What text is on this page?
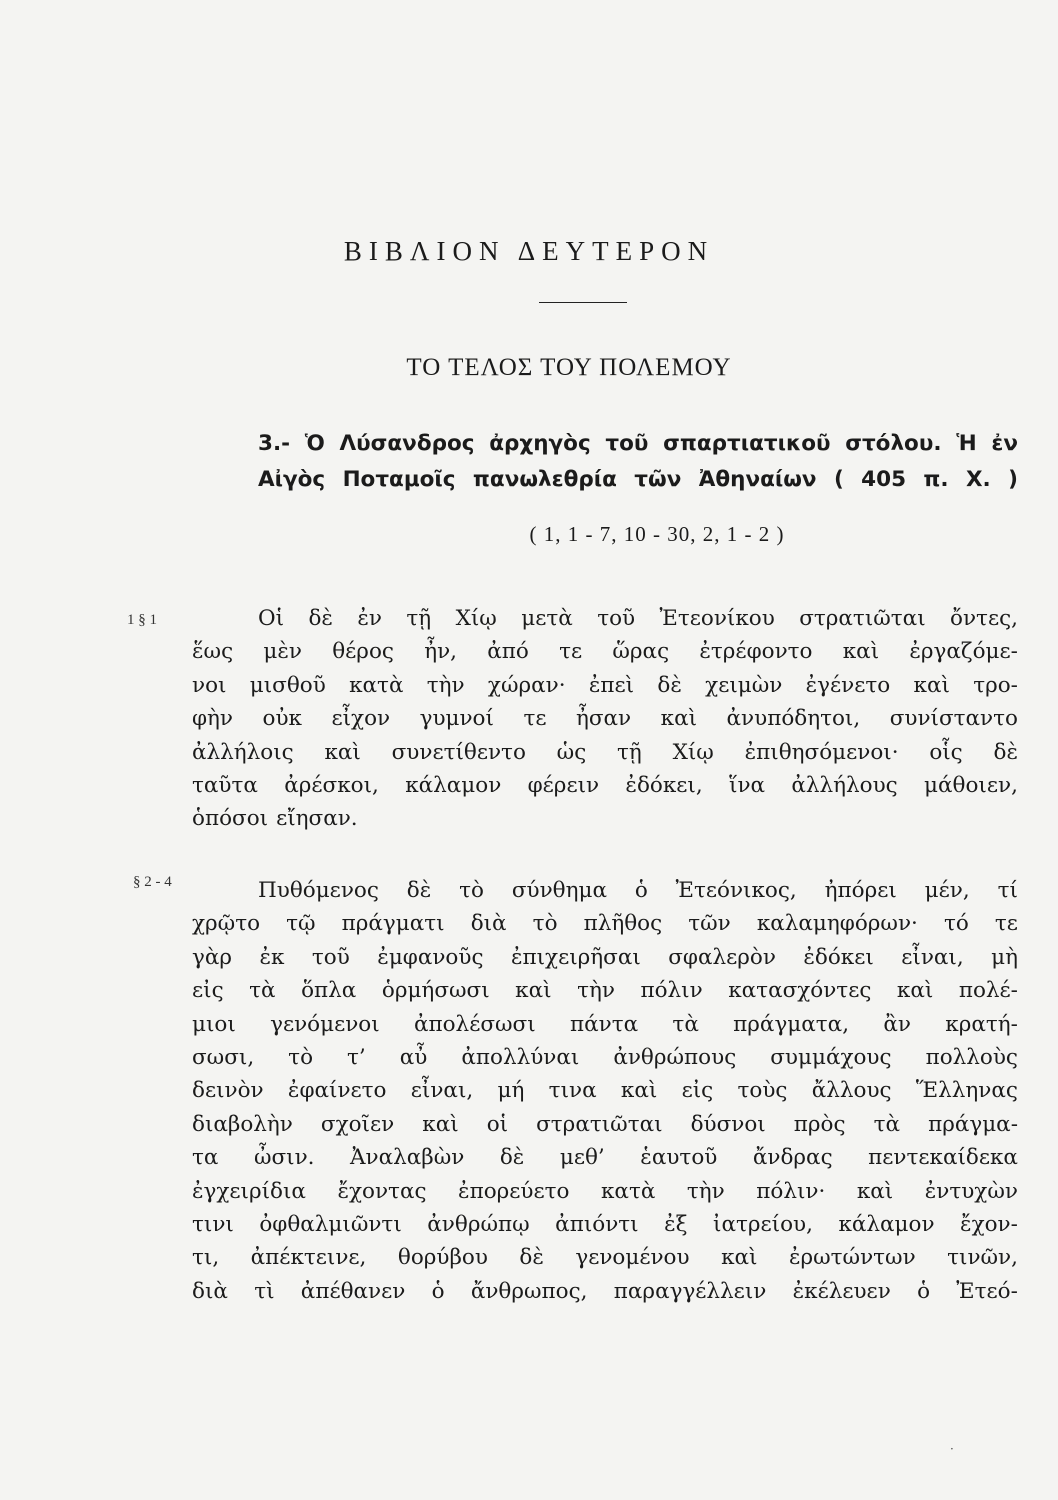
ΒΙΒΛΙΟΝ ΔΕΥΤΕΡΟΝ
ΤΟ ΤΕΛΟΣ ΤΟΥ ΠΟΛΕΜΟΥ
3.- Ὁ Λύσανδρος ἀρχηγὸς τοῦ σπαρτιατικοῦ στόλου. Ἡ ἐν
Αἰγὸς Ποταμοῖς πανωλεθρία τῶν Ἀθηναίων ( 405 π. Χ. )
( 1, 1 - 7, 10 - 30, 2, 1 - 2 )
1 § 1	Οἱ δὲ ἐν τῇ Χίῳ μετὰ τοῦ Ἐτεονίκου στρατιῶται ὄντες,
ἕως μὲν θέρος ἦν, ἀπό τε ὥρας ἐτρέφοντο καὶ ἐργαζόμε-
νοι μισθοῦ κατὰ τὴν χώραν· ἐπεὶ δὲ χειμὼν ἐγένετο καὶ τρο-
φὴν οὐκ εἶχον γυμνοί τε ἦσαν καὶ ἀνυπόδητοι, συνίσταντο
ἀλλήλοις καὶ συνετίθεντο ὡς τῇ Χίῳ ἐπιθησόμενοι· οἷς δὲ
ταῦτα ἀρέσκοι, κάλαμον φέρειν ἐδόκει, ἵνα ἀλλήλους μάθοιεν,
ὁπόσοι εἴησαν.
§ 2 - 4	Πυθόμενος δὲ τὸ σύνθημα ὁ Ἐτεόνικος, ἠπόρει μέν, τί
χρῷτο τῷ πράγματι διὰ τὸ πλῆθος τῶν καλαμηφόρων· τό τε
γὰρ ἐκ τοῦ ἐμφανοῦς ἐπιχειρῆσαι σφαλερὸν ἐδόκει εἶναι, μὴ
εἰς τὰ ὅπλα ὁρμήσωσι καὶ τὴν πόλιν κατασχόντες καὶ πολέ-
μιοι γενόμενοι ἀπολέσωσι πάντα τὰ πράγματα, ἂν κρατή-
σωσι, τὸ τ’ αὖ ἀπολλύναι ἀνθρώπους συμμάχους πολλοὺς
δεινὸν ἐφαίνετο εἶναι, μή τινα καὶ εἰς τοὺς ἄλλους Ἕλληνας
διαβολὴν σχοῖεν καὶ οἱ στρατιῶται δύσνοι πρὸς τὰ πράγμα-
τα ὦσιν. Ἀναλαβὼν δὲ μεθ’ ἑαυτοῦ ἄνδρας πεντεκαίδεκα
ἐγχειρίδια ἔχοντας ἐπορεύετο κατὰ τὴν πόλιν· καὶ ἐντυχὼν
τινι ὀφθαλμιῶντι ἀνθρώπῳ ἀπιόντι ἐξ ἰατρείου, κάλαμον ἔχον-
τι, ἀπέκτεινε, θορύβου δὲ γενομένου καὶ ἐρωτώντων τινῶν,
διὰ τὶ ἀπέθανεν ὁ ἄνθρωπος, παραγγέλλειν ἐκέλευεν ὁ Ἐτεό-
·
